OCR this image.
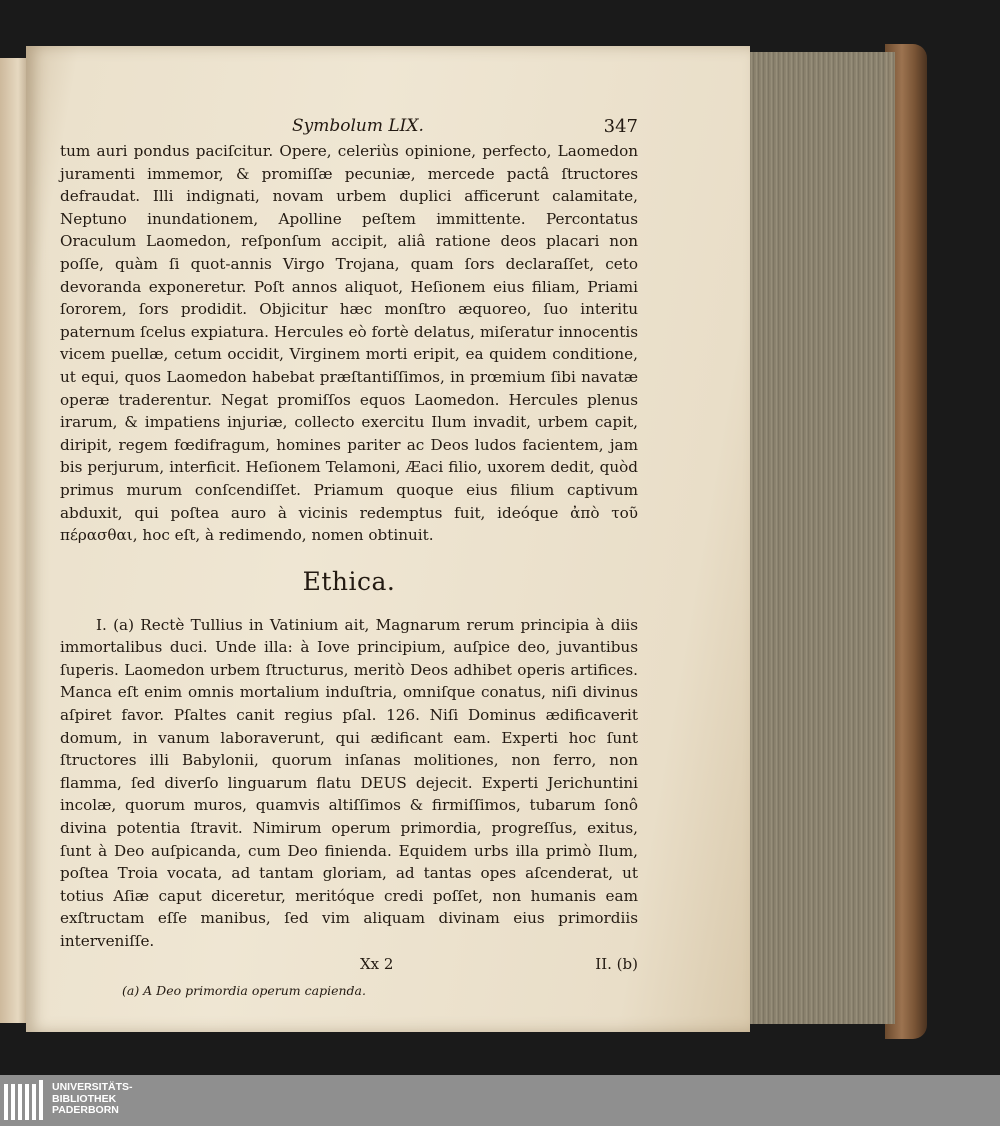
Symbolum LIX.	347

tum auri pondus paciſcitur. Opere, celeriùs opinione, perfecto, Laomedon juramenti immemor, & promiſſæ pecuniæ, mercede pactâ ſtructores defraudat. Illi indignati, novam urbem duplici afficerunt calamitate, Neptuno inundationem, Apolline peſtem immittente. Percontatus Oraculum Laomedon, reſponſum accipit, aliâ ratione deos placari non poſſe, quàm ſi quot-annis Virgo Trojana, quam ſors declaraſſet, ceto devoranda exponeretur. Poſt annos aliquot, Heſionem eius filiam, Priami ſororem, ſors prodidit. Objicitur hæc monſtro æquoreo, ſuo interitu paternum ſcelus expiatura. Hercules eò fortè delatus, miſeratur innocentis vicem puellæ, cetum occidit, Virginem morti eripit, ea quidem conditione, ut equi, quos Laomedon habebat præſtantiſſimos, in prœmium ſibi navatæ operæ traderentur. Negat promiſſos equos Laomedon. Hercules plenus irarum, & impatiens injuriæ, collecto exercitu Ilum invadit, urbem capit, diripit, regem fœdifragum, homines pariter ac Deos ludos facientem, jam bis perjurum, interficit. Heſionem Telamoni, Æaci filio, uxorem dedit, quòd primus murum conſcendiſſet. Priamum quoque eius filium captivum abduxit, qui poſtea auro à vicinis redemptus fuit, ideóque ἀπὸ τοῦ πέρασθαι, hoc eſt, à redimendo, nomen obtinuit.

Ethica.

I. (a) Rectè Tullius in Vatinium ait, Magnarum rerum principia à diis immortalibus duci. Unde illa: à Iove principium, auſpice deo, juvantibus ſuperis. Laomedon urbem ſtructurus, meritò Deos adhibet operis artifices. Manca eſt enim omnis mortalium induſtria, omniſque conatus, niſi divinus aſpiret favor. Pſaltes canit regius pſal. 126. Niſi Dominus ædificaverit domum, in vanum laboraverunt, qui ædificant eam. Experti hoc ſunt ſtructores illi Babylonii, quorum inſanas molitiones, non ferro, non flamma, ſed diverſo linguarum flatu DEUS dejecit. Experti Jerichuntini incolæ, quorum muros, quamvis altiſſimos & firmiſſimos, tubarum ſonô divina potentia ſtravit. Nimirum operum primordia, progreſſus, exitus, ſunt à Deo auſpicanda, cum Deo finienda. Equidem urbs illa primò Ilum, poſtea Troia vocata, ad tantam gloriam, ad tantas opes aſcenderat, ut totius Aſiæ caput diceretur, meritóque credi poſſet, non humanis eam exſtructam eſſe manibus, ſed vim aliquam divinam eius primordiis interveniſſe.

Xx 2	II. (b)
(a) A Deo primordia operum capienda.
UNIVERSITÄTS-
BIBLIOTHEK
PADERBORN
